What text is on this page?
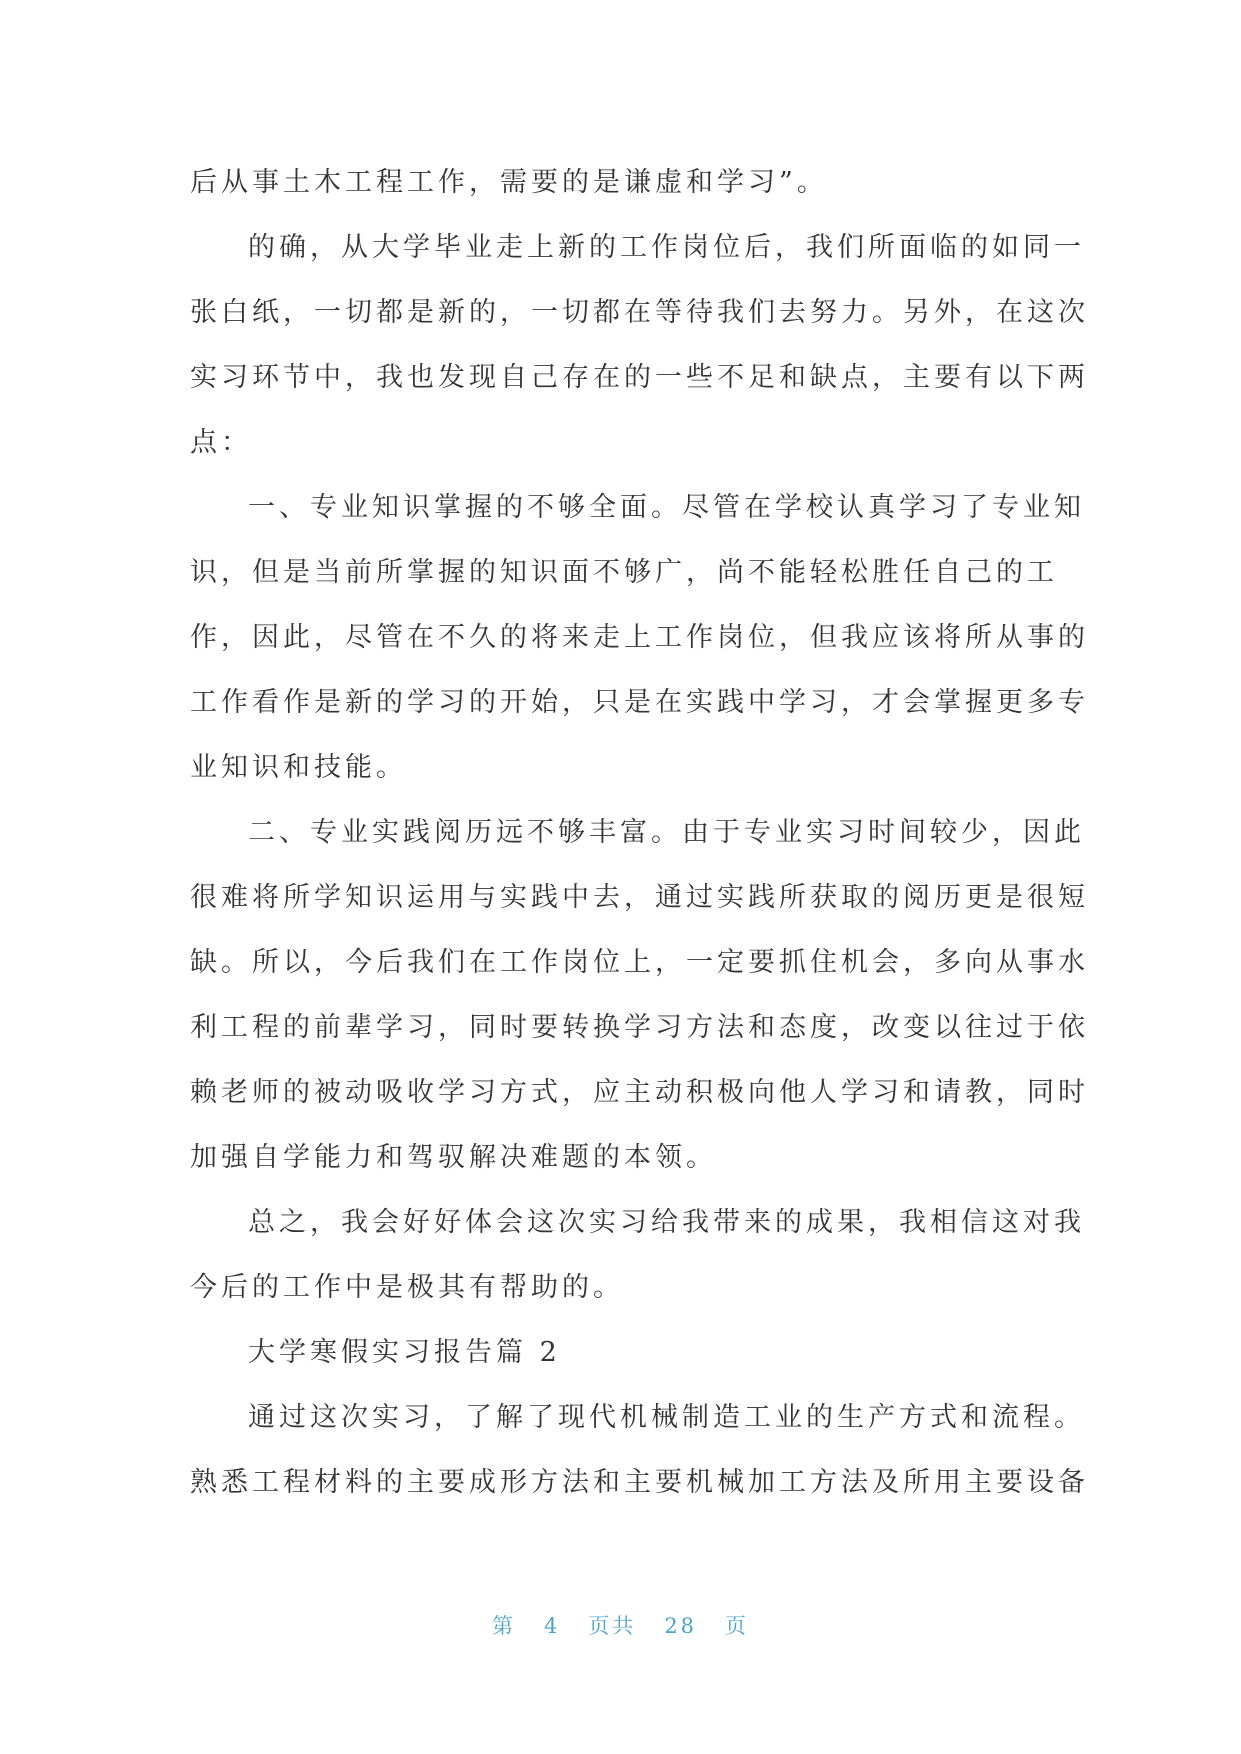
后从事土木工程工作，需要的是谦虚和学习”。
的确，从大学毕业走上新的工作岗位后，我们所面临的如同一
张白纸，一切都是新的，一切都在等待我们去努力。另外，在这次
实习环节中，我也发现自己存在的一些不足和缺点，主要有以下两
点：
一、专业知识掌握的不够全面。尽管在学校认真学习了专业知
识，但是当前所掌握的知识面不够广，尚不能轻松胜任自己的工
作，因此，尽管在不久的将来走上工作岗位，但我应该将所从事的
工作看作是新的学习的开始，只是在实践中学习，才会掌握更多专
业知识和技能。
二、专业实践阅历远不够丰富。由于专业实习时间较少，因此
很难将所学知识运用与实践中去，通过实践所获取的阅历更是很短
缺。所以，今后我们在工作岗位上，一定要抓住机会，多向从事水
利工程的前辈学习，同时要转换学习方法和态度，改变以往过于依
赖老师的被动吸收学习方式，应主动积极向他人学习和请教，同时
加强自学能力和驾驭解决难题的本领。
总之，我会好好体会这次实习给我带来的成果，我相信这对我
今后的工作中是极其有帮助的。
大学寒假实习报告篇 2
通过这次实习，了解了现代机械制造工业的生产方式和流程。
熟悉工程材料的主要成形方法和主要机械加工方法及所用主要设备
第 4 页共 28 页
